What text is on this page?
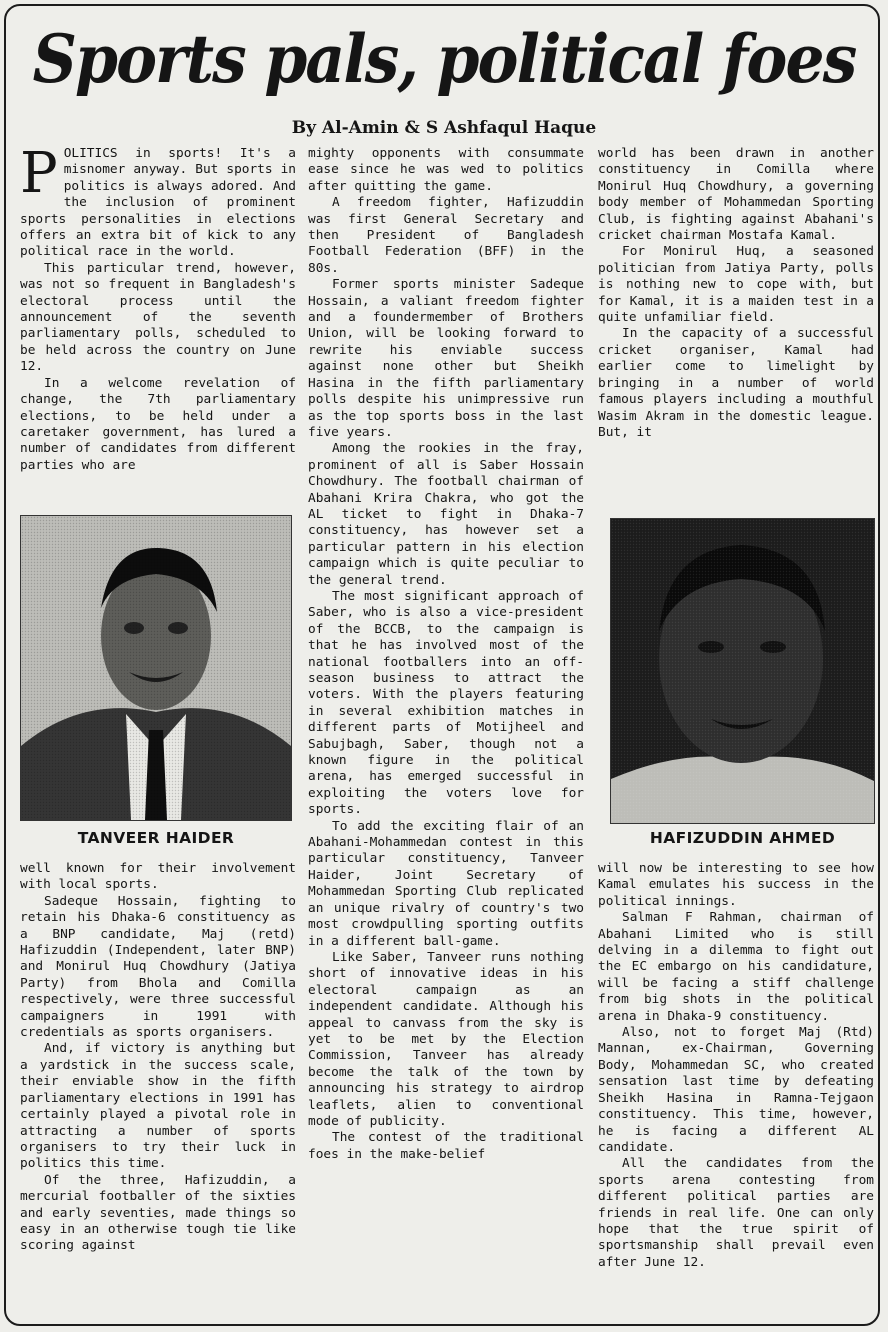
Sports pals, political foes
By Al-Amin & S Ashfaqul Haque

POLITICS in sports! It's a misnomer anyway. But sports in politics is always adored. And the inclusion of prominent sports personalities in elections offers an extra bit of kick to any political race in the world.

This particular trend, however, was not so frequent in Bangladesh's electoral process until the announcement of the seventh parliamentary polls, scheduled to be held across the country on June 12.

In a welcome revelation of change, the 7th parliamentary elections, to be held under a caretaker government, has lured a number of candidates from different parties who are

TANVEER HAIDER

well known for their involvement with local sports.

Sadeque Hossain, fighting to retain his Dhaka-6 constituency as a BNP candidate, Maj (retd) Hafizuddin (Independent, later BNP) and Monirul Huq Chowdhury (Jatiya Party) from Bhola and Comilla respectively, were three successful campaigners in 1991 with credentials as sports organisers.

And, if victory is anything but a yardstick in the success scale, their enviable show in the fifth parliamentary elections in 1991 has certainly played a pivotal role in attracting a number of sports organisers to try their luck in politics this time.

Of the three, Hafizuddin, a mercurial footballer of the sixties and early seventies, made things so easy in an otherwise tough tie like scoring against

mighty opponents with consummate ease since he was wed to politics after quitting the game.

A freedom fighter, Hafizuddin was first General Secretary and then President of Bangladesh Football Federation (BFF) in the 80s.

Former sports minister Sadeque Hossain, a valiant freedom fighter and a foundermember of Brothers Union, will be looking forward to rewrite his enviable success against none other but Sheikh Hasina in the fifth parliamentary polls despite his unimpressive run as the top sports boss in the last five years.

Among the rookies in the fray, prominent of all is Saber Hossain Chowdhury. The football chairman of Abahani Krira Chakra, who got the AL ticket to fight in Dhaka-7 constituency, has however set a particular pattern in his election campaign which is quite peculiar to the general trend.

The most significant approach of Saber, who is also a vice-president of the BCCB, to the campaign is that he has involved most of the national footballers into an off-season business to attract the voters. With the players featuring in several exhibition matches in different parts of Motijheel and Sabujbagh, Saber, though not a known figure in the political arena, has emerged successful in exploiting the voters love for sports.

To add the exciting flair of an Abahani-Mohammedan contest in this particular constituency, Tanveer Haider, Joint Secretary of Mohammedan Sporting Club replicated an unique rivalry of country's two most crowdpulling sporting outfits in a different ball-game.

Like Saber, Tanveer runs nothing short of innovative ideas in his electoral campaign as an independent candidate. Although his appeal to canvass from the sky is yet to be met by the Election Commission, Tanveer has already become the talk of the town by announcing his strategy to airdrop leaflets, alien to conventional mode of publicity.

The contest of the traditional foes in the make-belief

world has been drawn in another constituency in Comilla where Monirul Huq Chowdhury, a governing body member of Mohammedan Sporting Club, is fighting against Abahani's cricket chairman Mostafa Kamal.

For Monirul Huq, a seasoned politician from Jatiya Party, polls is nothing new to cope with, but for Kamal, it is a maiden test in a quite unfamiliar field.

In the capacity of a successful cricket organiser, Kamal had earlier come to limelight by bringing in a number of world famous players including a mouthful Wasim Akram in the domestic league. But, it

HAFIZUDDIN AHMED

will now be interesting to see how Kamal emulates his success in the political innings.

Salman F Rahman, chairman of Abahani Limited who is still delving in a dilemma to fight out the EC embargo on his candidature, will be facing a stiff challenge from big shots in the political arena in Dhaka-9 constituency.

Also, not to forget Maj (Rtd) Mannan, ex-Chairman, Governing Body, Mohammedan SC, who created sensation last time by defeating Sheikh Hasina in Ramna-Tejgaon constituency. This time, however, he is facing a different AL candidate.

All the candidates from the sports arena contesting from different political parties are friends in real life. One can only hope that the true spirit of sportsmanship shall prevail even after June 12.
